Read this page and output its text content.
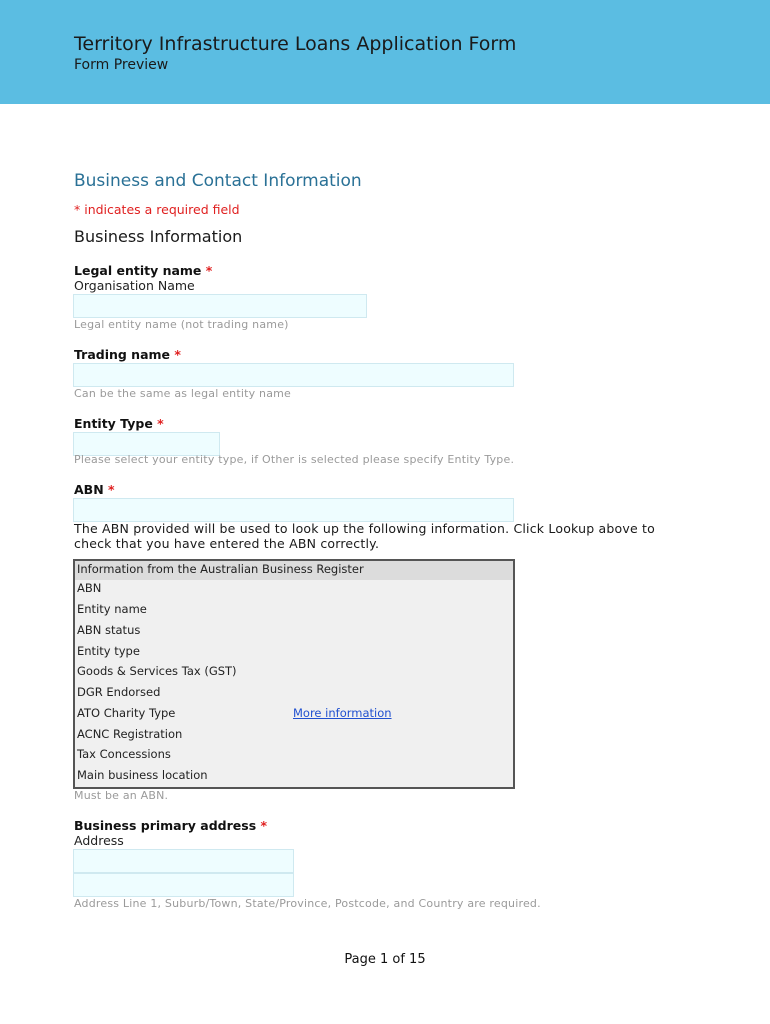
Territory Infrastructure Loans Application Form
Form Preview
Business and Contact Information
* indicates a required field
Business Information
Legal entity name *
Organisation Name
Legal entity name (not trading name)
Trading name *
Can be the same as legal entity name
Entity Type *
Please select your entity type, if Other is selected please specify Entity Type.
ABN *
The ABN provided will be used to look up the following information. Click Lookup above to check that you have entered the ABN correctly.
Information from the Australian Business Register
ABN
Entity name
ABN status
Entity type
Goods & Services Tax (GST)
DGR Endorsed
ATO Charity Type	More information
ACNC Registration
Tax Concessions
Main business location
Must be an ABN.
Business primary address *
Address
Address Line 1, Suburb/Town, State/Province, Postcode, and Country are required.
Page 1 of 15
